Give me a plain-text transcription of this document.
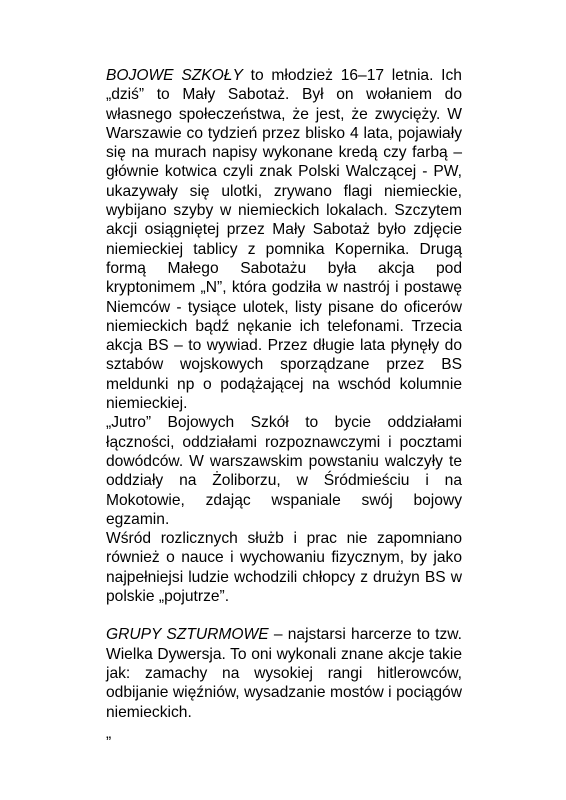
BOJOWE SZKOŁY to młodzież 16–17 letnia. Ich „dziś” to Mały Sabotaż. Był on wołaniem do własnego społeczeństwa, że jest, że zwycięży. W Warszawie co tydzień przez blisko 4 lata, pojawiały się na murach napisy wykonane kredą czy farbą – głównie kotwica czyli znak Polski Walczącej - PW, ukazywały się ulotki, zrywano flagi niemieckie, wybijano szyby w niemieckich lokalach. Szczytem akcji osiągniętej przez Mały Sabotaż było zdjęcie niemieckiej tablicy z pomnika Kopernika. Drugą formą Małego Sabotażu była akcja pod kryptonimem „N”, która godziła w nastrój i postawę Niemców - tysiące ulotek, listy pisane do oficerów niemieckich bądź nękanie ich telefonami. Trzecia akcja BS – to wywiad. Przez długie lata płynęły do sztabów wojskowych sporządzane przez BS meldunki np o podążającej na wschód kolumnie niemieckiej.

„Jutro” Bojowych Szkół to bycie oddziałami łączności, oddziałami rozpoznawczymi i pocztami dowódców. W warszawskim powstaniu walczyły te oddziały na Żoliborzu, w Śródmieściu i na Mokotowie, zdając wspaniale swój bojowy egzamin.

Wśród rozlicznych służb i prac nie zapomniano również o nauce i wychowaniu fizycznym, by jako najpełniejsi ludzie wchodzili chłopcy z drużyn BS w polskie „pojutrze”.

GRUPY SZTURMOWE – najstarsi harcerze to tzw. Wielka Dywersja. To oni wykonali znane akcje takie jak: zamachy na wysokiej rangi hitlerowców, odbijanie więźniów, wysadzanie mostów i pociągów niemieckich.

„
